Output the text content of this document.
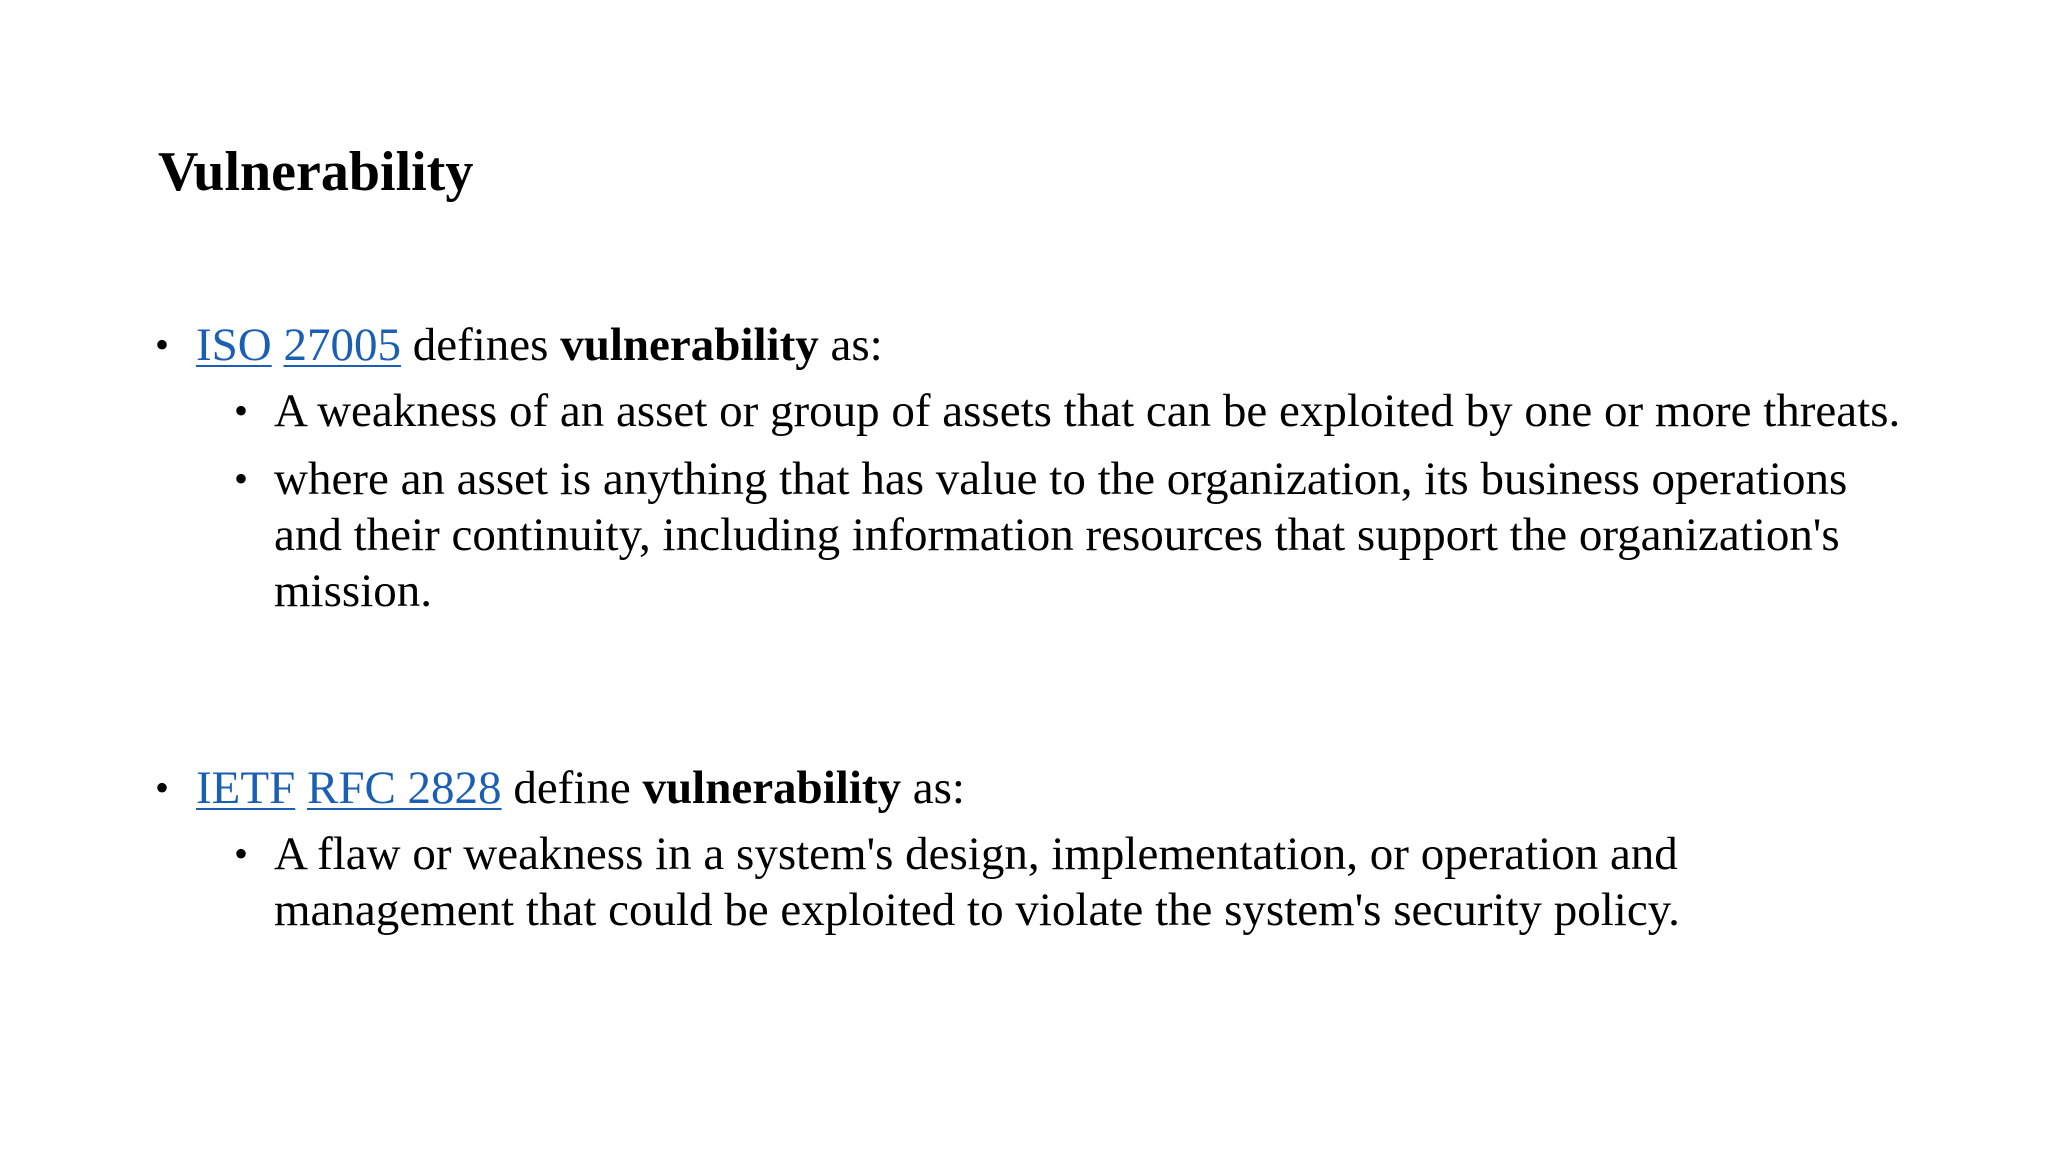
Vulnerability
• ISO 27005 defines vulnerability as:
• A weakness of an asset or group of assets that can be exploited by one or more threats.
• where an asset is anything that has value to the organization, its business operations and their continuity, including information resources that support the organization's mission.
• IETF RFC 2828 define vulnerability as:
• A flaw or weakness in a system's design, implementation, or operation and management that could be exploited to violate the system's security policy.
